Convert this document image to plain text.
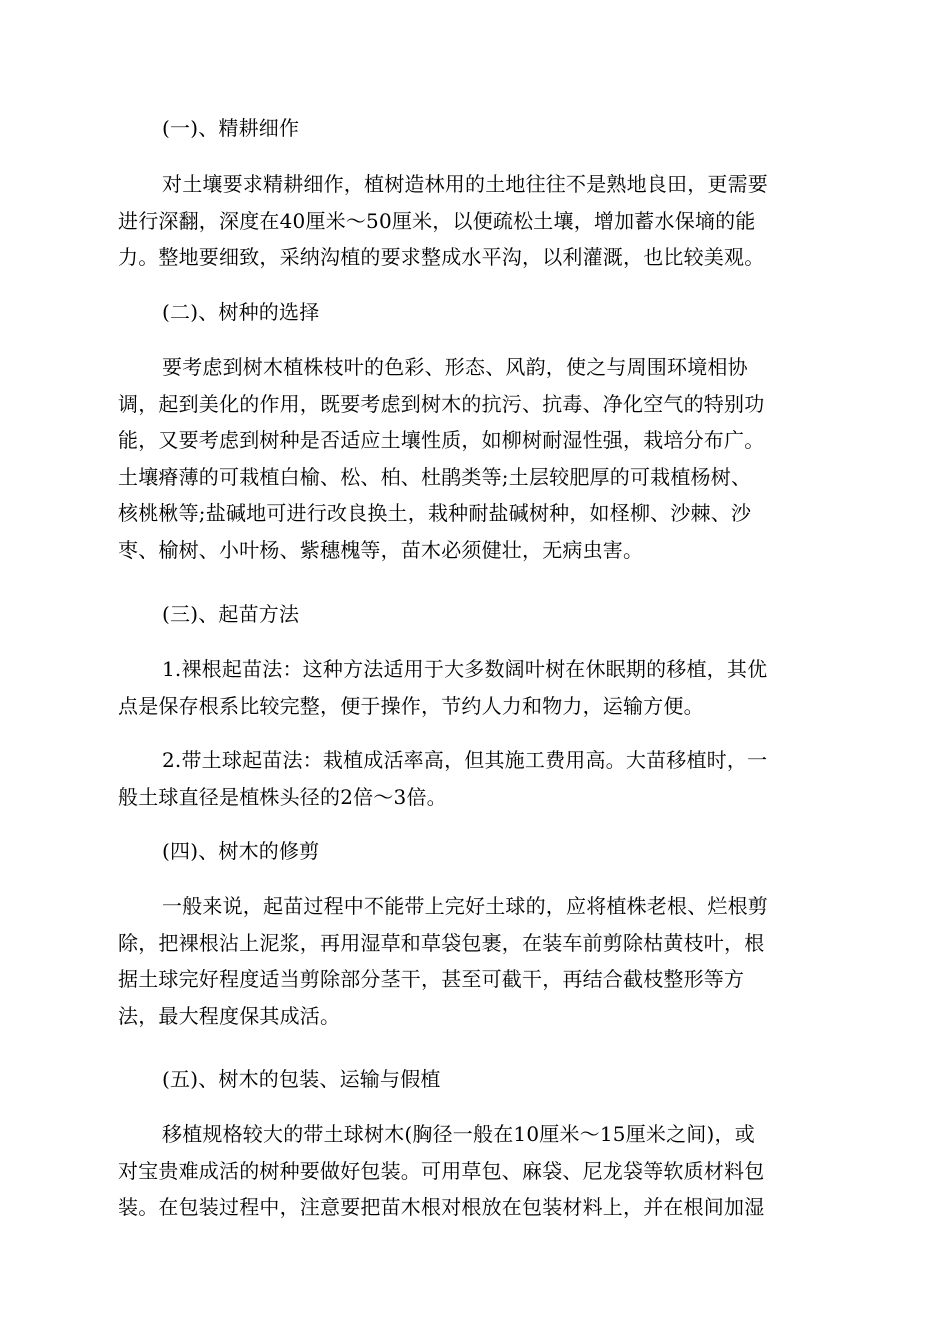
(一)、精耕细作

对土壤要求精耕细作，植树造林用的土地往往不是熟地良田，更需要
进行深翻，深度在40厘米～50厘米，以便疏松土壤，增加蓄水保墒的能
力。整地要细致，采纳沟植的要求整成水平沟，以利灌溉，也比较美观。

(二)、树种的选择

要考虑到树木植株枝叶的色彩、形态、风韵，使之与周围环境相协
调，起到美化的作用，既要考虑到树木的抗污、抗毒、净化空气的特别功
能，又要考虑到树种是否适应土壤性质，如柳树耐湿性强，栽培分布广。
土壤瘠薄的可栽植白榆、松、柏、杜鹃类等;土层较肥厚的可栽植杨树、
核桃楸等;盐碱地可进行改良换土，栽种耐盐碱树种，如柽柳、沙棘、沙
枣、榆树、小叶杨、紫穗槐等，苗木必须健壮，无病虫害。

(三)、起苗方法

1.裸根起苗法：这种方法适用于大多数阔叶树在休眠期的移植，其优
点是保存根系比较完整，便于操作，节约人力和物力，运输方便。
2.带土球起苗法：栽植成活率高，但其施工费用高。大苗移植时，一
般土球直径是植株头径的2倍～3倍。

(四)、树木的修剪

一般来说，起苗过程中不能带上完好土球的，应将植株老根、烂根剪
除，把裸根沾上泥浆，再用湿草和草袋包裹，在装车前剪除枯黄枝叶，根
据土球完好程度适当剪除部分茎干，甚至可截干，再结合截枝整形等方
法，最大程度保其成活。

(五)、树木的包装、运输与假植

移植规格较大的带土球树木(胸径一般在10厘米～15厘米之间)，或
对宝贵难成活的树种要做好包装。可用草包、麻袋、尼龙袋等软质材料包
装。在包装过程中，注意要把苗木根对根放在包装材料上，并在根间加湿
